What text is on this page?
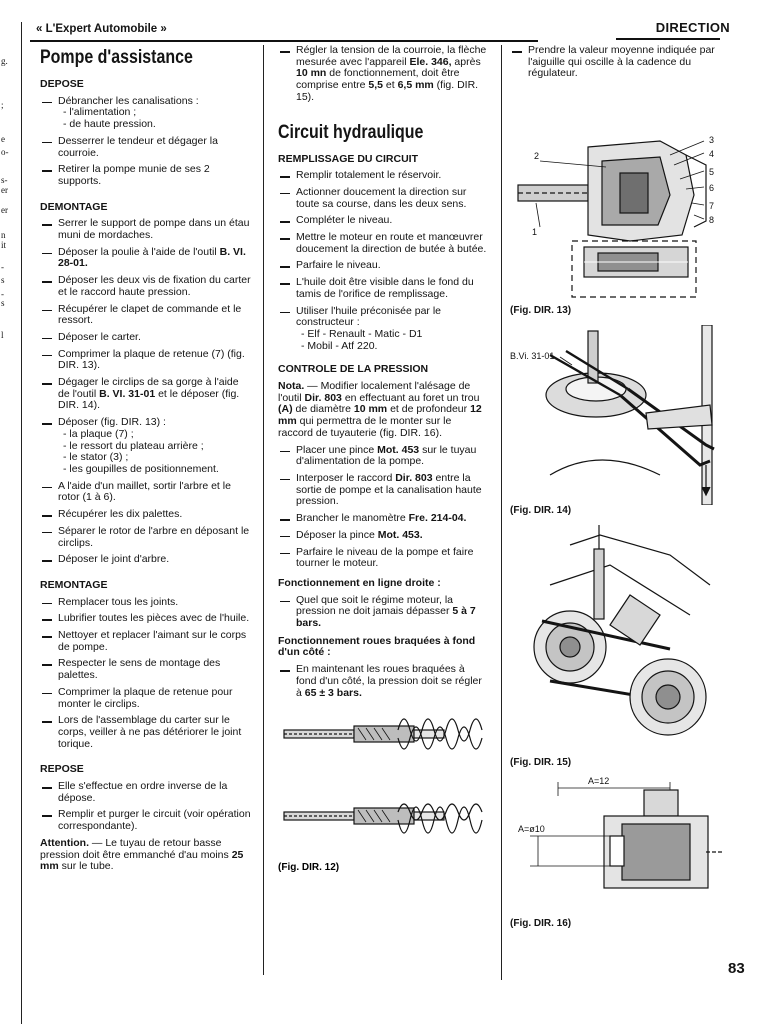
g.
;
e
o-
s-
er
er
n
it
-
s
-
s
l
« L'Expert Automobile »	DIRECTION
Pompe d'assistance
DEPOSE
Débrancher les canalisations :
- l'alimentation ;
- de haute pression.
Desserrer le tendeur et dégager la courroie.
Retirer la pompe munie de ses 2 supports.
DEMONTAGE
Serrer le support de pompe dans un étau muni de mordaches.
Déposer la poulie à l'aide de l'outil B. VI. 28-01.
Déposer les deux vis de fixation du carter et le raccord haute pression.
Récupérer le clapet de commande et le ressort.
Déposer le carter.
Comprimer la plaque de retenue (7) (fig. DIR. 13).
Dégager le circlips de sa gorge à l'aide de l'outil B. VI. 31-01 et le déposer (fig. DIR. 14).
Déposer (fig. DIR. 13) :
- la plaque (7) ;
- le ressort du plateau arrière ;
- le stator (3) ;
- les goupilles de positionnement.
A l'aide d'un maillet, sortir l'arbre et le rotor (1 à 6).
Récupérer les dix palettes.
Séparer le rotor de l'arbre en déposant le circlips.
Déposer le joint d'arbre.
REMONTAGE
Remplacer tous les joints.
Lubrifier toutes les pièces avec de l'huile.
Nettoyer et replacer l'aimant sur le corps de pompe.
Respecter le sens de montage des palettes.
Comprimer la plaque de retenue pour monter le circlips.
Lors de l'assemblage du carter sur le corps, veiller à ne pas détériorer le joint torique.
REPOSE
Elle s'effectue en ordre inverse de la dépose.
Remplir et purger le circuit (voir opération correspondante).
Attention. — Le tuyau de retour basse pression doit être emmanché d'au moins 25 mm sur le tube.
Régler la tension de la courroie, la flèche mesurée avec l'appareil Ele. 346, après 10 mn de fonctionnement, doit être comprise entre 5,5 et 6,5 mm (fig. DIR. 15).
Circuit hydraulique
REMPLISSAGE DU CIRCUIT
Remplir totalement le réservoir.
Actionner doucement la direction sur toute sa course, dans les deux sens.
Compléter le niveau.
Mettre le moteur en route et manœuvrer doucement la direction de butée à butée.
Parfaire le niveau.
L'huile doit être visible dans le fond du tamis de l'orifice de remplissage.
Utiliser l'huile préconisée par le constructeur :
- Elf - Renault - Matic - D1
- Mobil - Atf 220.
CONTROLE DE LA PRESSION
Nota. — Modifier localement l'alésage de l'outil Dir. 803 en effectuant au foret un trou (A) de diamètre 10 mm et de profondeur 12 mm qui permettra de le monter sur le raccord de tuyauterie (fig. DIR. 16).
Placer une pince Mot. 453 sur le tuyau d'alimentation de la pompe.
Interposer le raccord Dir. 803 entre la sortie de pompe et la canalisation haute pression.
Brancher le manomètre Fre. 214-04.
Déposer la pince Mot. 453.
Parfaire le niveau de la pompe et faire tourner le moteur.
Fonctionnement en ligne droite :
Quel que soit le régime moteur, la pression ne doit jamais dépasser 5 à 7 bars.
Fonctionnement roues braquées à fond d'un côté :
En maintenant les roues braquées à fond d'un côté, la pression doit se régler à 65 ± 3 bars.
(Fig. DIR. 12)
Prendre la valeur moyenne indiquée par l'aiguille qui oscille à la cadence du régulateur.
1
2
3
4
5
6
7
8
(Fig. DIR. 13)
B.Vi. 31-01
(Fig. DIR. 14)
(Fig. DIR. 15)
A=12
A=ø10
(Fig. DIR. 16)
83
